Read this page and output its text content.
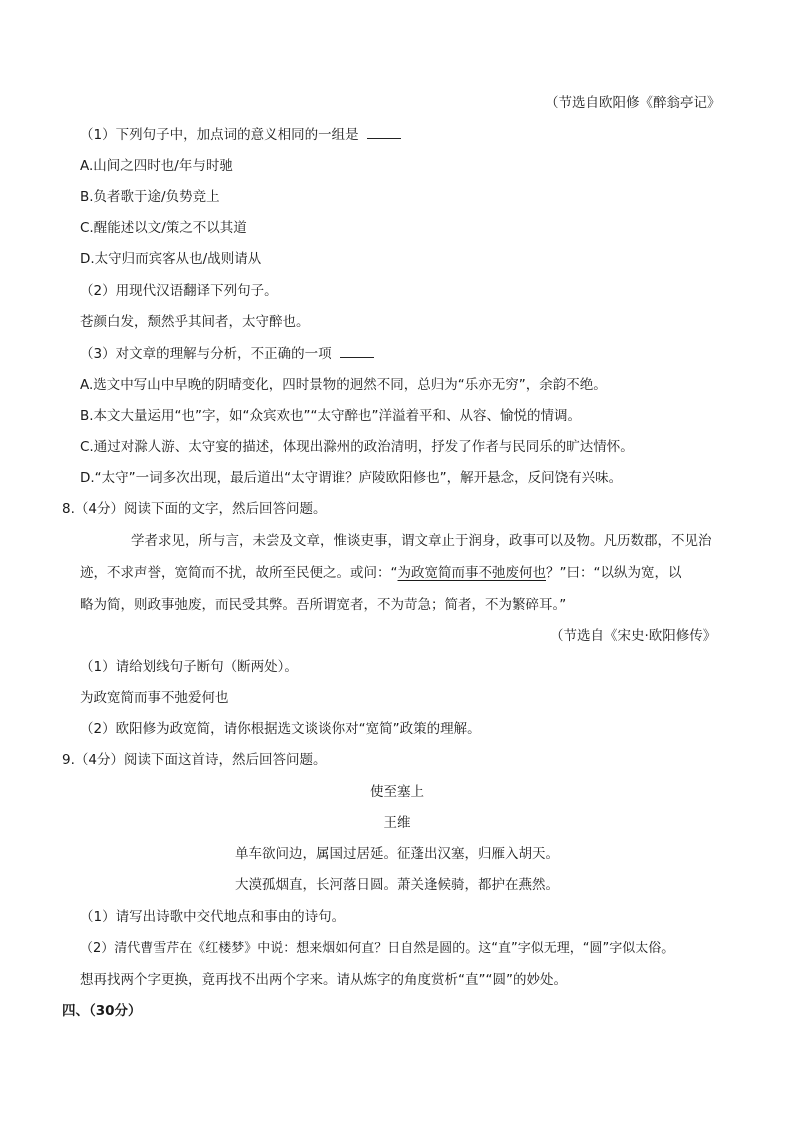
（节选自欧阳修《醉翁亭记》
（1）下列句子中，加点词的意义相同的一组是
A.山间之四时也/年与时驰
B.负者歌于途/负势竞上
C.醒能述以文/策之不以其道
D.太守归而宾客从也/战则请从
（2）用现代汉语翻译下列句子。
苍颜白发，颓然乎其间者，太守醉也。
（3）对文章的理解与分析，不正确的一项
A.选文中写山中早晚的阴晴变化，四时景物的迥然不同，总归为“乐亦无穷”，余韵不绝。
B.本文大量运用“也”字，如“众宾欢也”“太守醉也”洋溢着平和、从容、愉悦的情调。
C.通过对滁人游、太守宴的描述，体现出滁州的政治清明，抒发了作者与民同乐的旷达情怀。
D.“太守”一词多次出现，最后道出“太守谓谁？庐陵欧阳修也”，解开悬念，反问饶有兴味。
8.（4分）阅读下面的文字，然后回答问题。
学者求见，所与言，未尝及文章，惟谈吏事，谓文章止于润身，政事可以及物。凡历数郡，不见治
迹，不求声誉，宽简而不扰，故所至民便之。或问：“为政宽简而事不弛废何也？”曰：“以纵为宽，以
略为简，则政事弛废，而民受其弊。吾所谓宽者，不为苛急；简者，不为繁碎耳。”
（节选自《宋史·欧阳修传》
（1）请给划线句子断句（断两处）。
为政宽简而事不弛爱何也
（2）欧阳修为政宽简，请你根据选文谈谈你对“宽简”政策的理解。
9.（4分）阅读下面这首诗，然后回答问题。
使至塞上
王维
单车欲问边，属国过居延。征蓬出汉塞，归雁入胡天。
大漠孤烟直，长河落日圆。萧关逢候骑，都护在燕然。
（1）请写出诗歌中交代地点和事由的诗句。
（2）清代曹雪芹在《红楼梦》中说：想来烟如何直？日自然是圆的。这“直”字似无理，“圆”字似太俗。
想再找两个字更换，竟再找不出两个字来。请从炼字的角度赏析“直”“圆”的妙处。
四、（30分）
